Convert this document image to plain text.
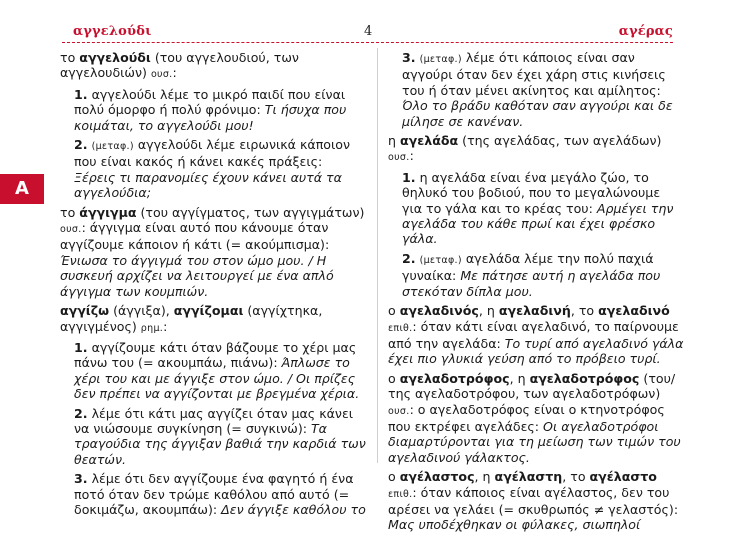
αγγελούδι	4	αγέρας
Α
το αγγελούδι (του αγγελουδιού, των αγγελουδιών) ουσ.:
1. αγγελούδι λέμε το μικρό παιδί που είναι πολύ όμορφο ή πολύ φρόνιμο: Τι ήσυχα που κοιμάται, το αγγελούδι μου!
2. (μεταφ.) αγγελούδι λέμε ειρωνικά κάποιον που είναι κακός ή κάνει κακές πράξεις: Ξέρεις τι παρανομίες έχουν κάνει αυτά τα αγγελούδια;
το άγγιγμα (του αγγίγματος, των αγγιγμάτων) ουσ.: άγγιγμα είναι αυτό που κάνουμε όταν αγγίζουμε κάποιον ή κάτι (= ακούμπισμα): Ένιωσα το άγγιγμά του στον ώμο μου. / Η συσκευή αρχίζει να λειτουργεί με ένα απλό άγγιγμα των κουμπιών.
αγγίζω (άγγιξα), αγγίζομαι (αγγίχτηκα, αγγιγμένος) ρημ.:
1. αγγίζουμε κάτι όταν βάζουμε το χέρι μας πάνω του (= ακουμπάω, πιάνω): Άπλωσε το χέρι του και με άγγιξε στον ώμο. / Οι πρίζες δεν πρέπει να αγγίζονται με βρεγμένα χέρια.
2. λέμε ότι κάτι μας αγγίζει όταν μας κάνει να νιώσουμε συγκίνηση (= συγκινώ): Τα τραγούδια της άγγιξαν βαθιά την καρδιά των θεατών.
3. λέμε ότι δεν αγγίζουμε ένα φαγητό ή ένα ποτό όταν δεν τρώμε καθόλου από αυτό (= δοκιμάζω, ακουμπάω): Δεν άγγιξε καθόλου το
3. (μεταφ.) λέμε ότι κάποιος είναι σαν αγγούρι όταν δεν έχει χάρη στις κινήσεις του ή όταν μένει ακίνητος και αμίλητος: Όλο το βράδυ καθόταν σαν αγγούρι και δε μίλησε σε κανέναν.
η αγελάδα (της αγελάδας, των αγελάδων) ουσ.:
1. η αγελάδα είναι ένα μεγάλο ζώο, το θηλυκό του βοδιού, που το μεγαλώνουμε για το γάλα και το κρέας του: Αρμέγει την αγελάδα του κάθε πρωί και έχει φρέσκο γάλα.
2. (μεταφ.) αγελάδα λέμε την πολύ παχιά γυναίκα: Με πάτησε αυτή η αγελάδα που στεκόταν δίπλα μου.
ο αγελαδινός, η αγελαδινή, το αγελαδινό επιθ.: όταν κάτι είναι αγελαδινό, το παίρνουμε από την αγελάδα: Το τυρί από αγελαδινό γάλα έχει πιο γλυκιά γεύση από το πρόβειο τυρί.
ο αγελαδοτρόφος, η αγελαδοτρόφος (του/της αγελαδοτρόφου, των αγελαδοτρόφων) ουσ.: ο αγελαδοτρόφος είναι ο κτηνοτρόφος που εκτρέφει αγελάδες: Οι αγελαδοτρόφοι διαμαρτύρονται για τη μείωση των τιμών του αγελαδινού γάλακτος.
ο αγέλαστος, η αγέλαστη, το αγέλαστο επιθ.: όταν κάποιος είναι αγέλαστος, δεν του αρέσει να γελάει (= σκυθρωπός ≠ γελαστός): Μας υποδέχθηκαν οι φύλακες, σιωπηλοί
